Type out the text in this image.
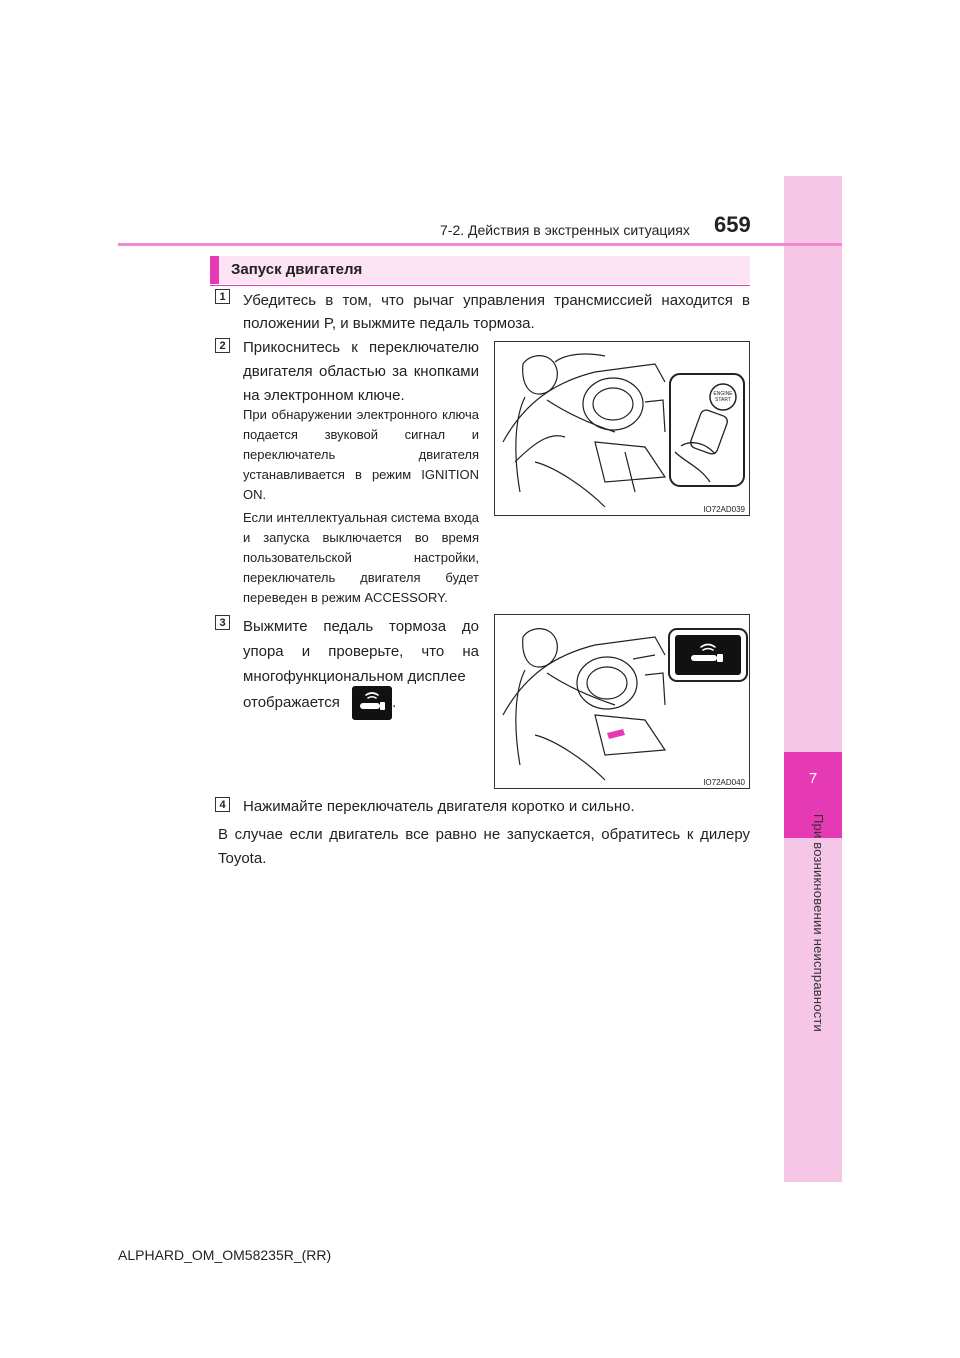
7
При возникновении неисправности
7-2. Действия в экстренных ситуациях 659
Запуск двигателя
1 Убедитесь в том, что рычаг управления трансмиссией находится в положении P, и выжмите педаль тормоза.
2 Прикоснитесь к переключателю двигателя областью за кнопками на электронном ключе.
При обнаружении электронного ключа подается звуковой сигнал и переключатель двигателя устанавливается в режим IGNITION ON.
Если интеллектуальная система входа и запуска выключается во время пользовательской настройки, переключатель двигателя будет переведен в режим ACCESSORY.
ENGINE
START
IO72AD039
3 Выжмите педаль тормоза до упора и проверьте, что на многофункциональном дисплее
отображается	.
IO72AD040
4 Нажимайте переключатель двигателя коротко и сильно.
В случае если двигатель все равно не запускается, обратитесь к дилеру Toyota.
ALPHARD_OM_OM58235R_(RR)
